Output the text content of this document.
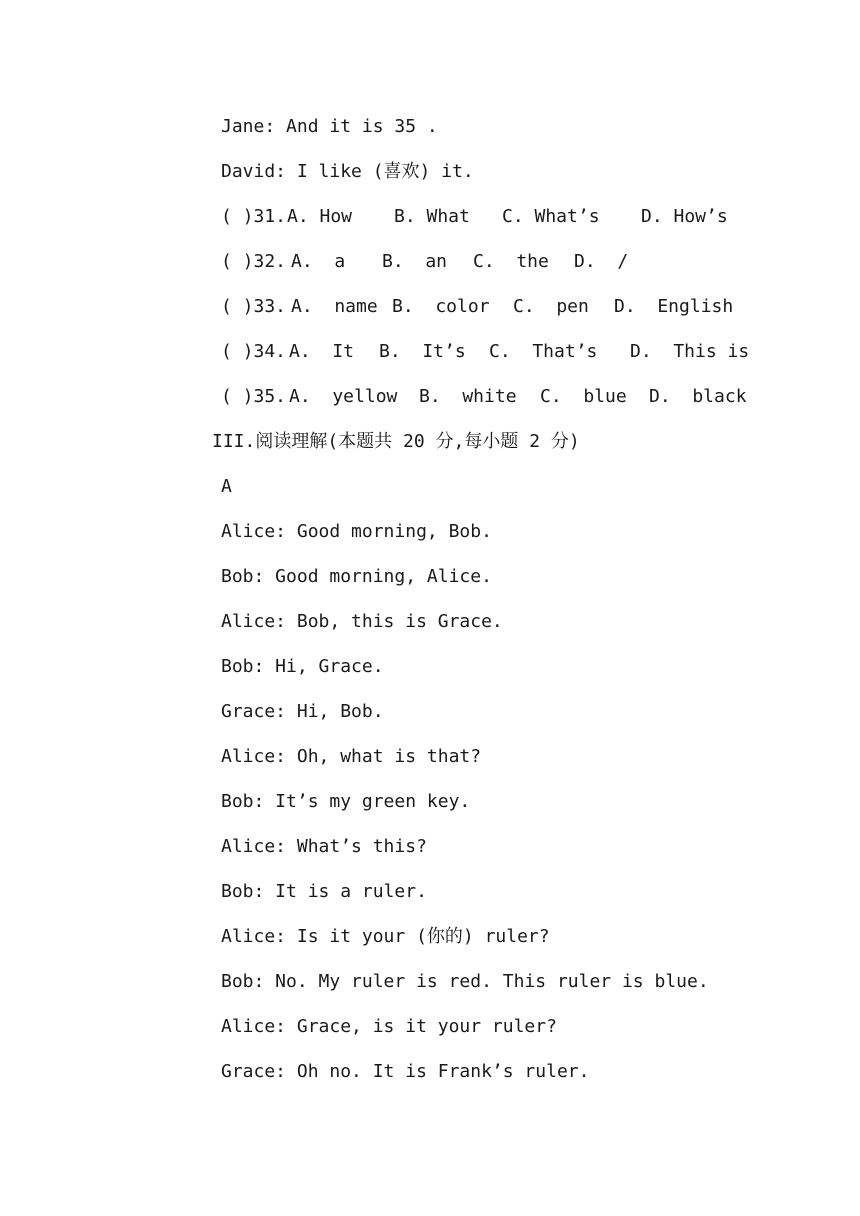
Jane: And it is 35 .
David: I like (喜欢) it.
( )31. A. How B. What C. What’s D. How’s
( )32. A.  a B.  an C.  the D.  /
( )33. A.  name B.  color C.  pen D.  English
( )34. A.  It B.  It’s C.  That’s D.  This is
( )35. A.  yellow B.  white C.  blue D.  black
III.阅读理解(本题共 20 分,每小题 2 分)
A
Alice: Good morning, Bob.
Bob: Good morning, Alice.
Alice: Bob, this is Grace.
Bob: Hi, Grace.
Grace: Hi, Bob.
Alice: Oh, what is that?
Bob: It’s my green key.
Alice: What’s this?
Bob: It is a ruler.
Alice: Is it your (你的) ruler?
Bob: No. My ruler is red. This ruler is blue.
Alice: Grace, is it your ruler?
Grace: Oh no. It is Frank’s ruler.
